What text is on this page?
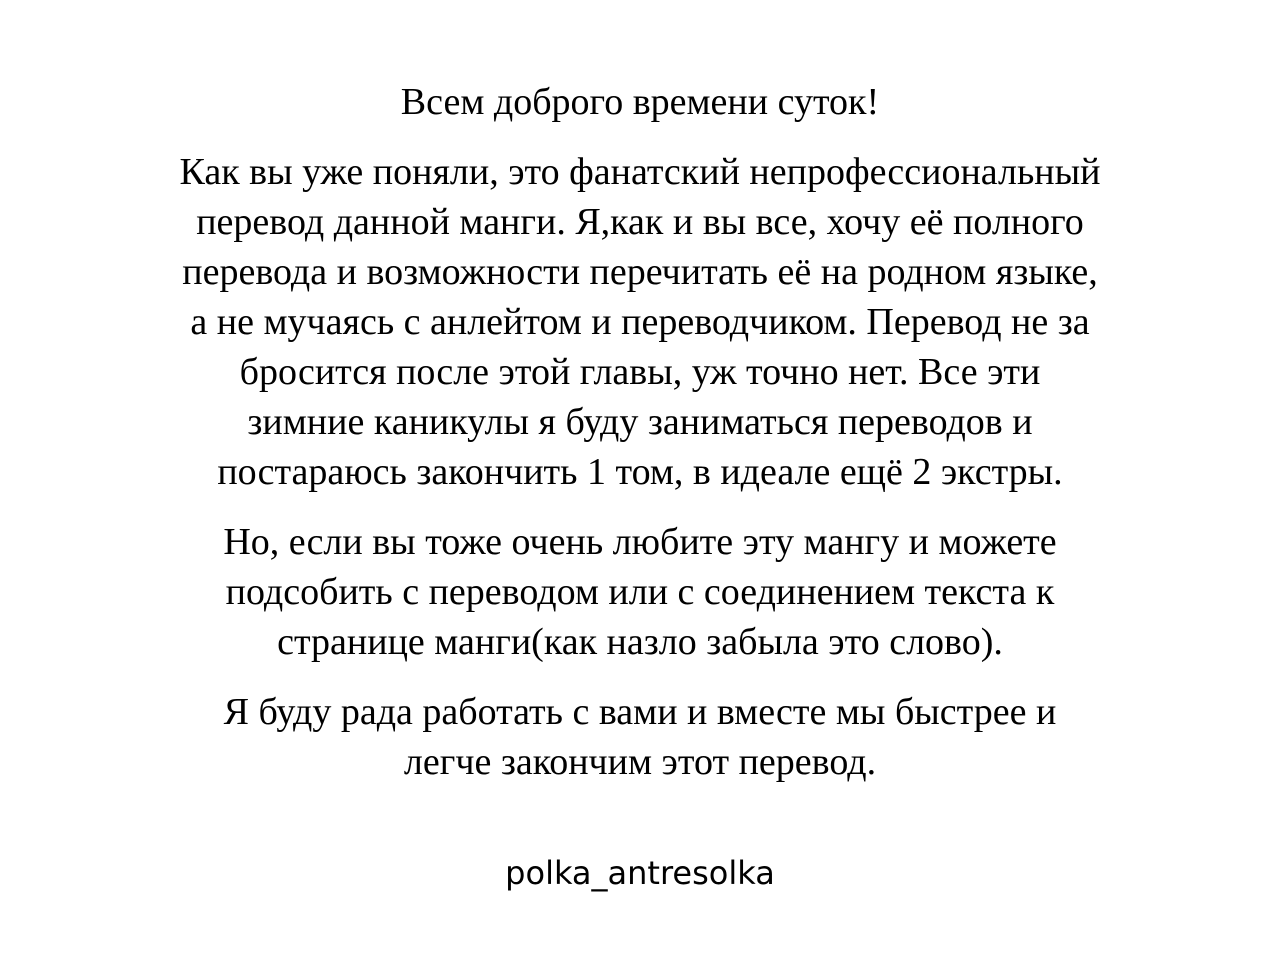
Всем доброго времени суток!
Как вы уже поняли, это фанатский непрофессиональный
перевод данной манги. Я,как и вы все, хочу её полного
перевода и возможности перечитать её на родном языке,
а не мучаясь с анлейтом и переводчиком. Перевод не за
бросится после этой главы, уж точно нет. Все эти
зимние каникулы я буду заниматься переводов и
постараюсь закончить 1 том, в идеале ещё 2 экстры.
Но, если вы тоже очень любите эту мангу и можете
подсобить с переводом или с соединением текста к
странице манги(как назло забыла это слово).
Я буду рада работать с вами и вместе мы быстрее и
легче закончим этот перевод.
polka_antresolka
